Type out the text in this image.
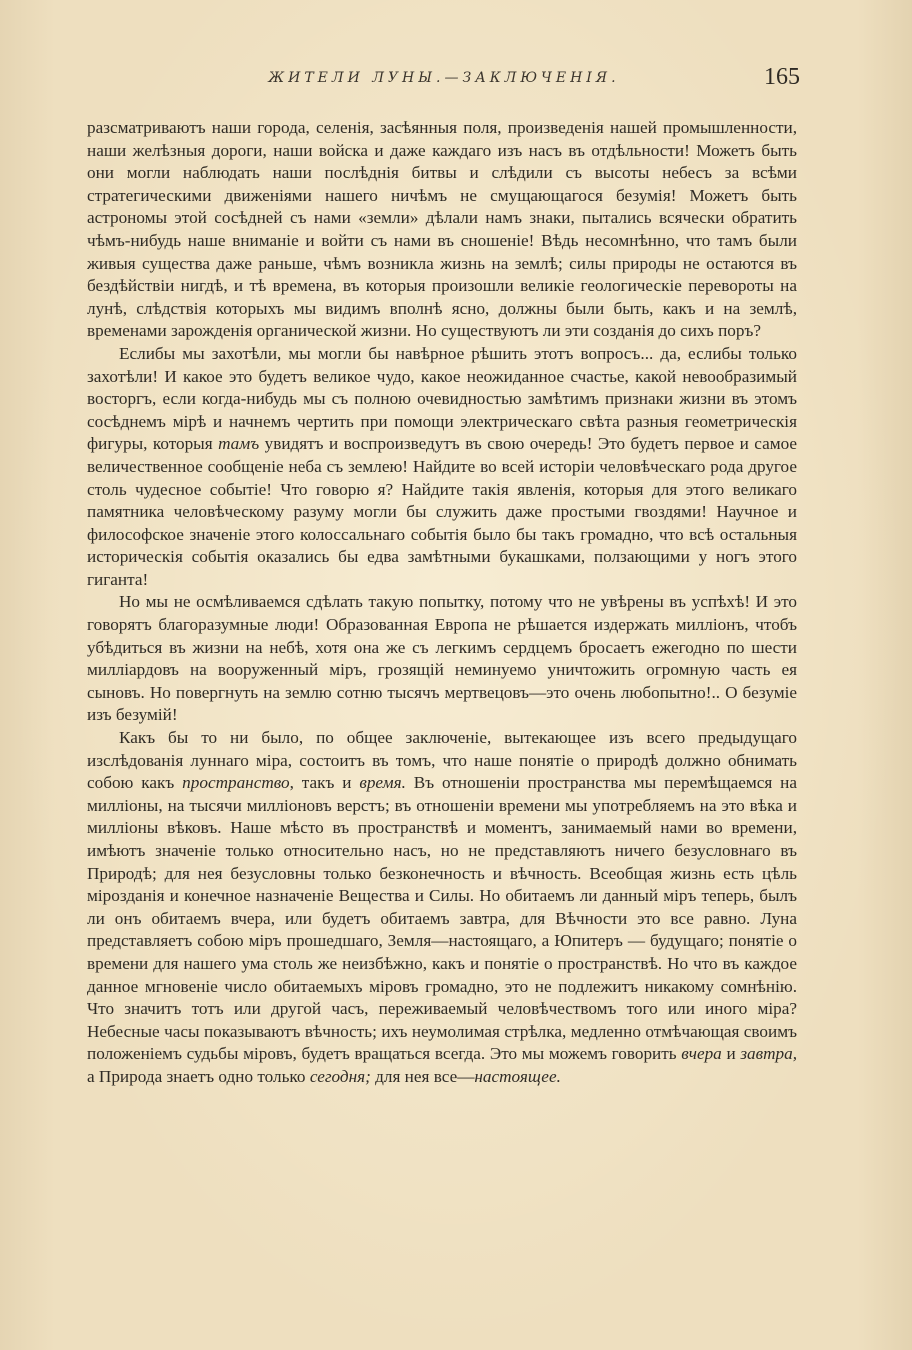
ЖИТЕЛИ ЛУНЫ.—ЗАКЛЮЧЕНІЯ.	165

разсматриваютъ наши города, селенія, засѣянныя поля, произведенія нашей промышленности, наши желѣзныя дороги, наши войска и даже каждаго изъ насъ въ отдѣльности! Можетъ быть они могли наблюдать наши послѣднія битвы и слѣдили съ высоты небесъ за всѣми стратегическими движеніями нашего ничѣмъ не смущающагося безумія! Можетъ быть астрономы этой сосѣдней съ нами «земли» дѣлали намъ знаки, пытались всячески обратить чѣмъ-нибудь наше вниманіе и войти съ нами въ сношеніе! Вѣдь несомнѣнно, что тамъ были живыя существа даже раньше, чѣмъ возникла жизнь на землѣ; силы природы не остаются въ бездѣйствіи нигдѣ, и тѣ времена, въ которыя произошли великіе геологическіе перевороты на лунѣ, слѣдствія которыхъ мы видимъ вполнѣ ясно, должны были быть, какъ и на землѣ, временами зарожденія органической жизни. Но существуютъ ли эти созданія до сихъ поръ?

Еслибы мы захотѣли, мы могли бы навѣрное рѣшить этотъ вопросъ... да, еслибы только захотѣли! И какое это будетъ великое чудо, какое неожиданное счастье, какой невообразимый восторгъ, если когда-нибудь мы съ полною очевидностью замѣтимъ признаки жизни въ этомъ сосѣднемъ мірѣ и начнемъ чертить при помощи электрическаго свѣта разныя геометрическія фигуры, которыя тамъ увидятъ и воспроизведутъ въ свою очередь! Это будетъ первое и самое величественное сообщеніе неба съ землею! Найдите во всей исторіи человѣческаго рода другое столь чудесное событіе! Что говорю я? Найдите такія явленія, которыя для этого великаго памятника человѣческому разуму могли бы служить даже простыми гвоздями! Научное и философское значеніе этого колоссальнаго событія было бы такъ громадно, что всѣ остальныя историческія событія оказались бы едва замѣтными букашками, ползающими у ногъ этого гиганта!

Но мы не осмѣливаемся сдѣлать такую попытку, потому что не увѣрены въ успѣхѣ! И это говорятъ благоразумные люди! Образованная Европа не рѣшается издержать милліонъ, чтобъ убѣдиться въ жизни на небѣ, хотя она же съ легкимъ сердцемъ бросаетъ ежегодно по шести милліардовъ на вооруженный міръ, грозящій неминуемо уничтожить огромную часть ея сыновъ. Но повергнуть на землю сотню тысячъ мертвецовъ—это очень любопытно!.. О безуміе изъ безумій!

Какъ бы то ни было, по общее заключеніе, вытекающее изъ всего предыдущаго изслѣдованія луннаго міра, состоитъ въ томъ, что наше понятіе о природѣ должно обнимать собою какъ пространство, такъ и время. Въ отношеніи пространства мы перемѣщаемся на милліоны, на тысячи милліоновъ верстъ; въ отношеніи времени мы употребляемъ на это вѣка и милліоны вѣковъ. Наше мѣсто въ пространствѣ и моментъ, занимаемый нами во времени, имѣютъ значеніе только относительно насъ, но не представляютъ ничего безусловнаго въ Природѣ; для нея безусловны только безконечность и вѣчность. Всеобщая жизнь есть цѣль мірозданія и конечное назначеніе Вещества и Силы. Но обитаемъ ли данный міръ теперь, былъ ли онъ обитаемъ вчера, или будетъ обитаемъ завтра, для Вѣчности это все равно. Луна представляетъ собою міръ прошедшаго, Земля—настоящаго, а Юпитеръ — будущаго; понятіе о времени для нашего ума столь же неизбѣжно, какъ и понятіе о пространствѣ. Но что въ каждое данное мгновеніе число обитаемыхъ міровъ громадно, это не подлежитъ никакому сомнѣнію. Что значитъ тотъ или другой часъ, переживаемый человѣчествомъ того или иного міра? Небесные часы показываютъ вѣчность; ихъ неумолимая стрѣлка, медленно отмѣчающая своимъ положеніемъ судьбы міровъ, будетъ вращаться всегда. Это мы можемъ говорить вчера и завтра, а Природа знаетъ одно только сегодня; для нея все—настоящее.
